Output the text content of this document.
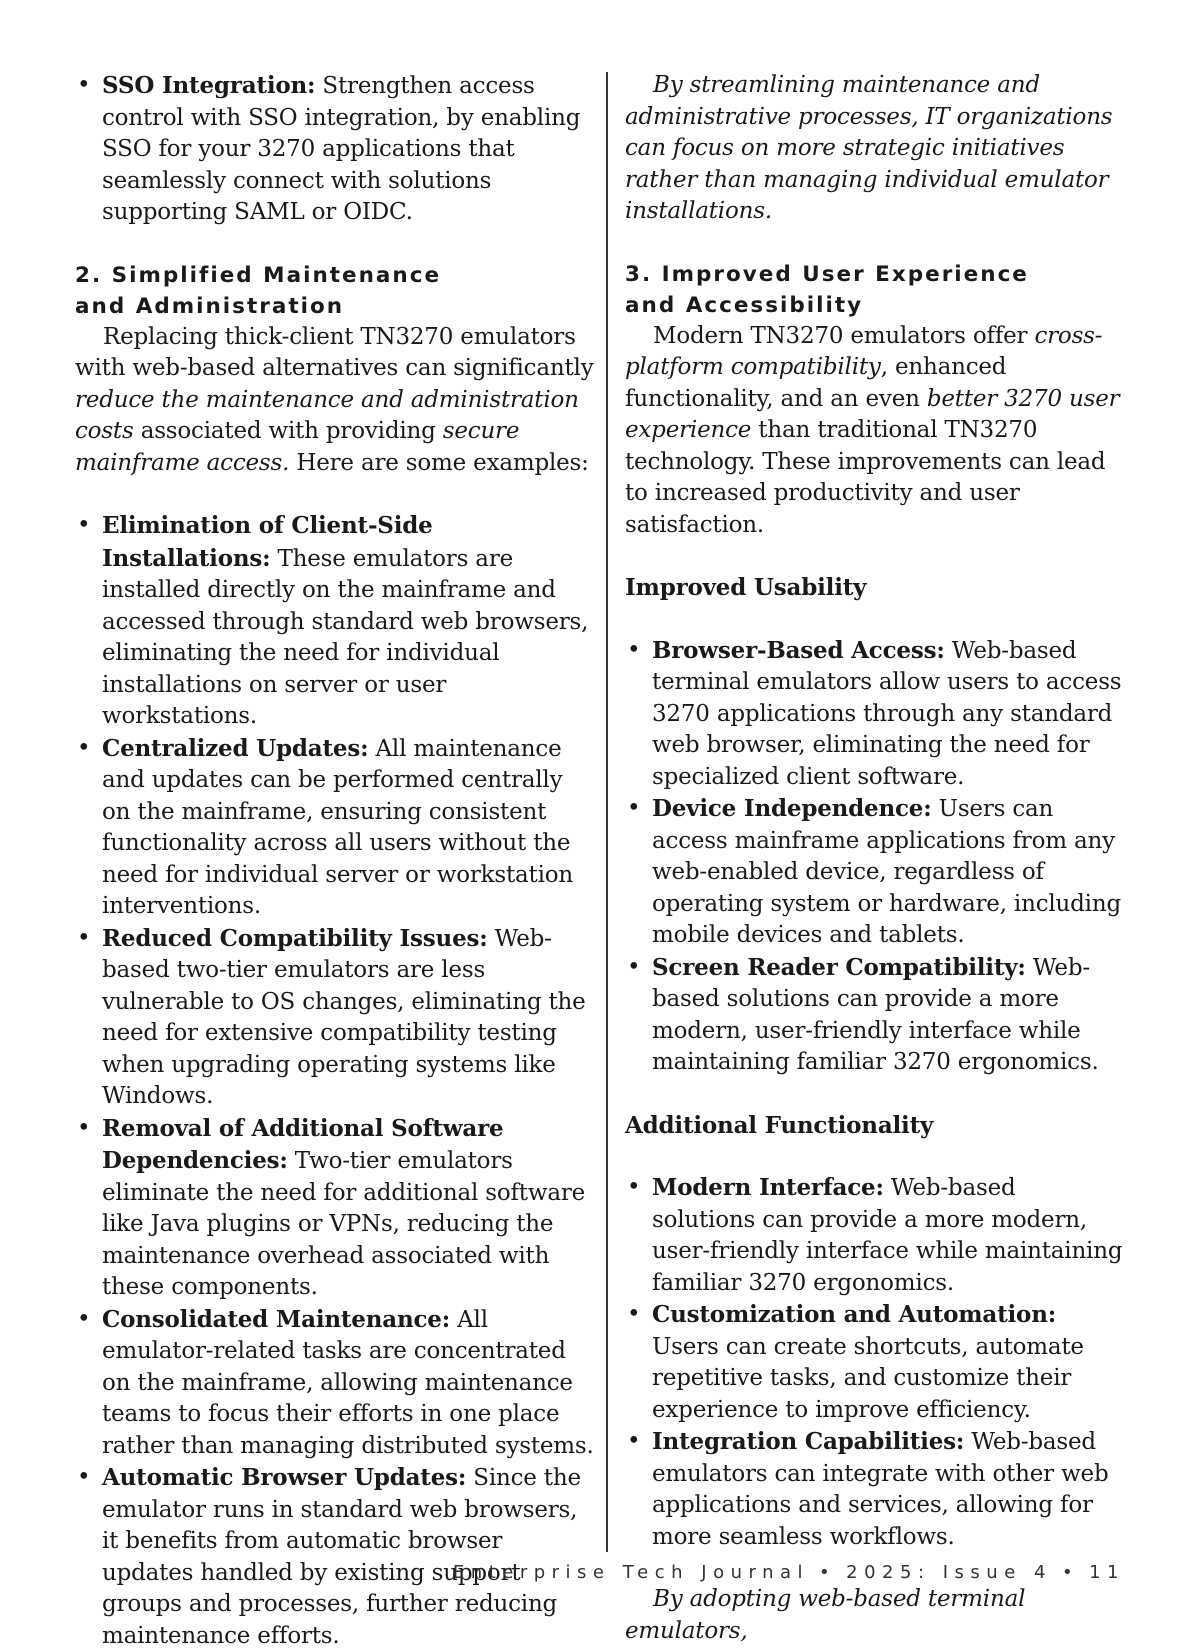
• SSO Integration: Strengthen access control with SSO integration, by enabling SSO for your 3270 applications that seamlessly connect with solutions supporting SAML or OIDC.
2. Simplified Maintenance
and Administration

Replacing thick-client TN3270 emulators with web-based alternatives can significantly reduce the maintenance and administration costs associated with providing secure mainframe access. Here are some examples:

• Elimination of Client-Side Installations: These emulators are installed directly on the mainframe and accessed through standard web browsers, eliminating the need for individual installations on server or user workstations.
• Centralized Updates: All maintenance and updates can be performed centrally on the mainframe, ensuring consistent functionality across all users without the need for individual server or workstation interventions.
• Reduced Compatibility Issues: Web-based two-tier emulators are less vulnerable to OS changes, eliminating the need for extensive compatibility testing when upgrading operating systems like Windows.
• Removal of Additional Software Dependencies: Two-tier emulators eliminate the need for additional software like Java plugins or VPNs, reducing the maintenance overhead associated with these components.
• Consolidated Maintenance: All emulator-related tasks are concentrated on the mainframe, allowing maintenance teams to focus their efforts in one place rather than managing distributed systems.
• Automatic Browser Updates: Since the emulator runs in standard web browsers, it benefits from automatic browser updates handled by existing support groups and processes, further reducing maintenance efforts.

By streamlining maintenance and administrative processes, IT organizations can focus on more strategic initiatives rather than managing individual emulator installations.

3. Improved User Experience
and Accessibility

Modern TN3270 emulators offer cross-platform compatibility, enhanced functionality, and an even better 3270 user experience than traditional TN3270 technology. These improvements can lead to increased productivity and user satisfaction.

Improved Usability

• Browser-Based Access: Web-based terminal emulators allow users to access 3270 applications through any standard web browser, eliminating the need for specialized client software.
• Device Independence: Users can access mainframe applications from any web-enabled device, regardless of operating system or hardware, including mobile devices and tablets.
• Screen Reader Compatibility: Web-based solutions can provide a more modern, user-friendly interface while maintaining familiar 3270 ergonomics.

Additional Functionality

• Modern Interface: Web-based solutions can provide a more modern, user-friendly interface while maintaining familiar 3270 ergonomics.
• Customization and Automation: Users can create shortcuts, automate repetitive tasks, and customize their experience to improve efficiency.
• Integration Capabilities: Web-based emulators can integrate with other web applications and services, allowing for more seamless workflows.

By adopting web-based terminal emulators,

Enterprise Tech Journal • 2025: Issue 4 • 11
